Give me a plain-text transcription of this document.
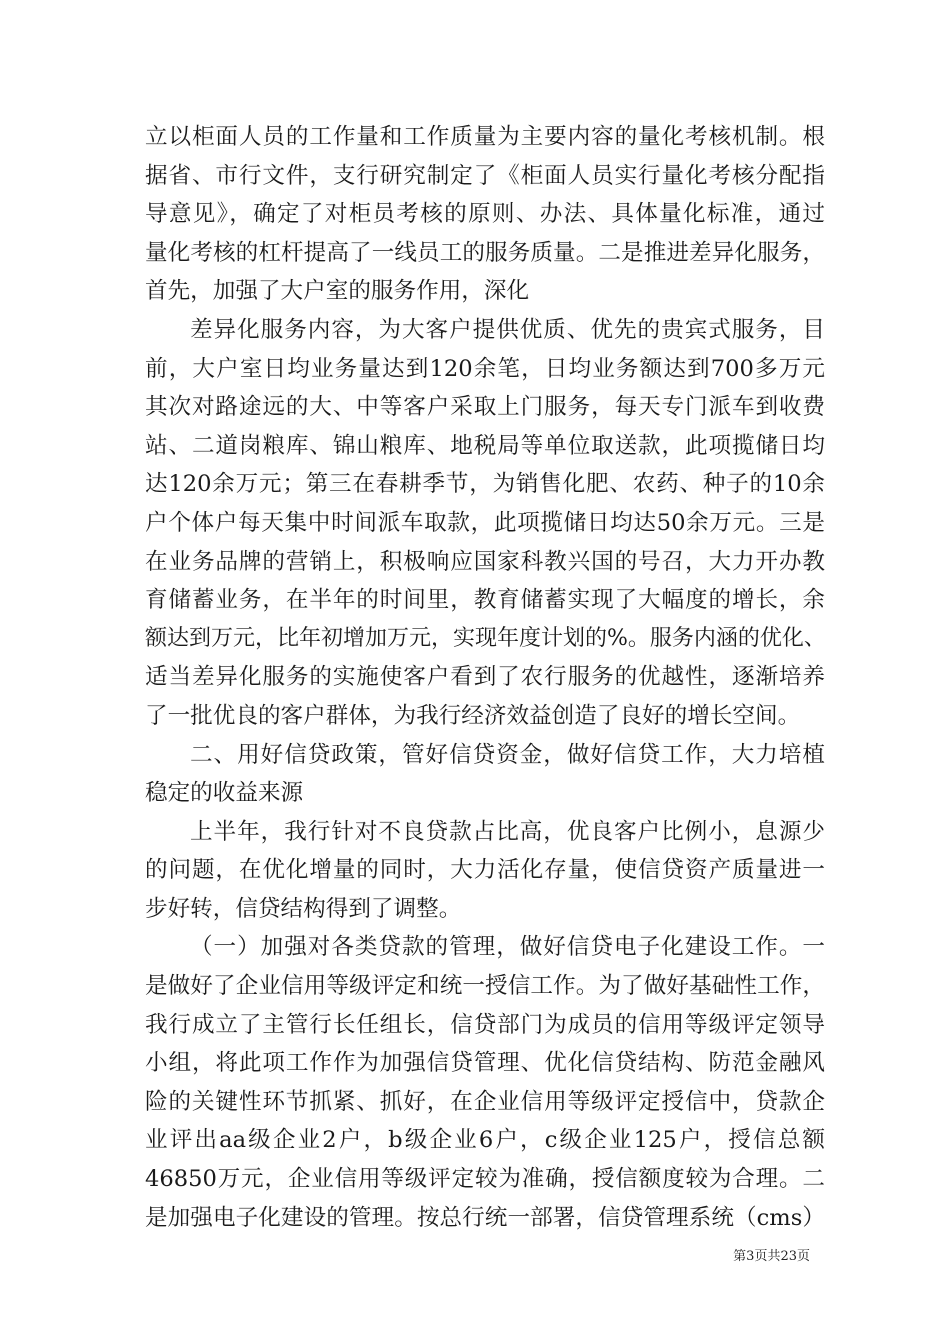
立以柜面人员的工作量和工作质量为主要内容的量化考核机制。根
据省、市行文件，支行研究制定了《柜面人员实行量化考核分配指
导意见》，确定了对柜员考核的原则、办法、具体量化标准，通过
量化考核的杠杆提高了一线员工的服务质量。二是推进差异化服务，
首先，加强了大户室的服务作用，深化
差异化服务内容，为大客户提供优质、优先的贵宾式服务，目
前，大户室日均业务量达到120余笔，日均业务额达到700多万元
其次对路途远的大、中等客户采取上门服务，每天专门派车到收费
站、二道岗粮库、锦山粮库、地税局等单位取送款，此项揽储日均
达120余万元；第三在春耕季节，为销售化肥、农药、种子的10余
户个体户每天集中时间派车取款，此项揽储日均达50余万元。三是
在业务品牌的营销上，积极响应国家科教兴国的号召，大力开办教
育储蓄业务，在半年的时间里，教育储蓄实现了大幅度的增长，余
额达到万元，比年初增加万元，实现年度计划的%。服务内涵的优化、
适当差异化服务的实施使客户看到了农行服务的优越性，逐渐培养
了一批优良的客户群体，为我行经济效益创造了良好的增长空间。
二、用好信贷政策，管好信贷资金，做好信贷工作，大力培植
稳定的收益来源
上半年，我行针对不良贷款占比高，优良客户比例小，息源少
的问题，在优化增量的同时，大力活化存量，使信贷资产质量进一
步好转，信贷结构得到了调整。
（一）加强对各类贷款的管理，做好信贷电子化建设工作。一
是做好了企业信用等级评定和统一授信工作。为了做好基础性工作，
我行成立了主管行长任组长，信贷部门为成员的信用等级评定领导
小组，将此项工作作为加强信贷管理、优化信贷结构、防范金融风
险的关键性环节抓紧、抓好，在企业信用等级评定授信中，贷款企
业评出aa级企业2户，b级企业6户，c级企业125户，授信总额
46850万元，企业信用等级评定较为准确，授信额度较为合理。二
是加强电子化建设的管理。按总行统一部署，信贷管理系统（cms）
第3页共23页
